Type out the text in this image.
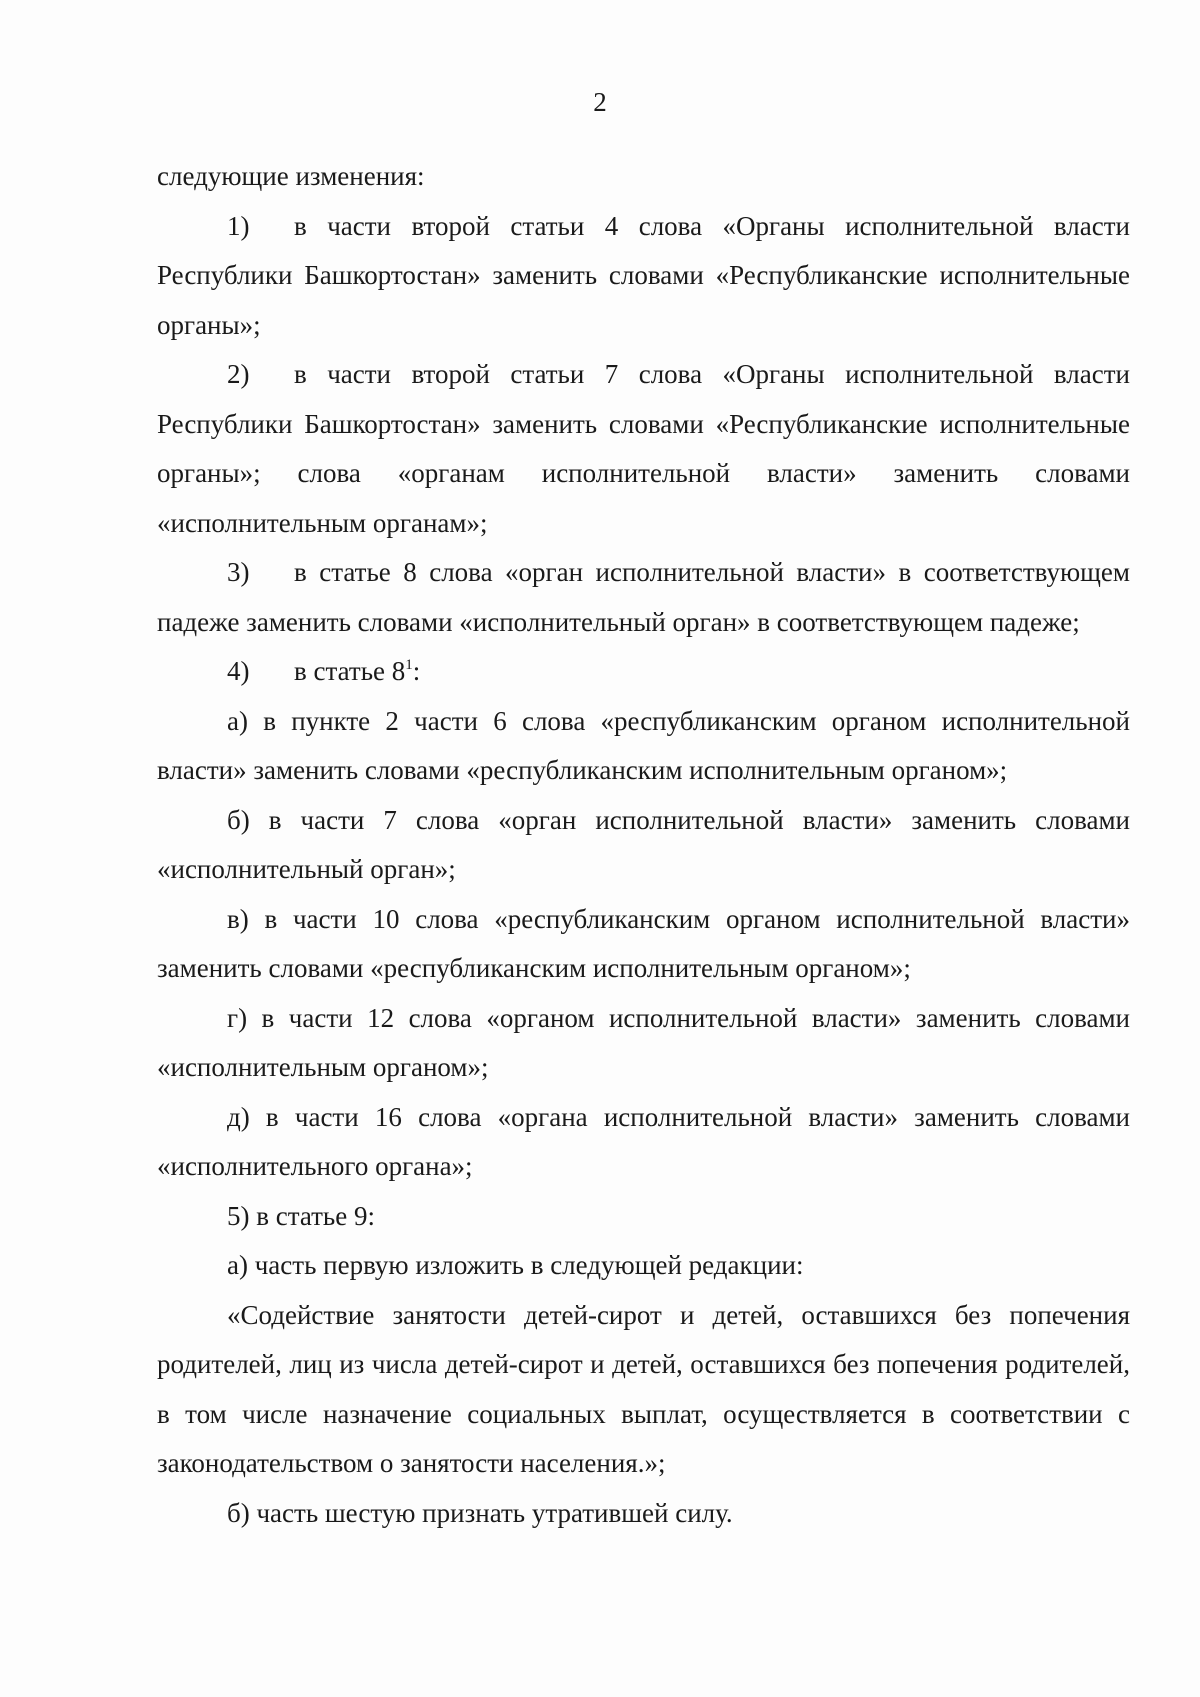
2

следующие изменения:

1) в части второй статьи 4 слова «Органы исполнительной власти Республики Башкортостан» заменить словами «Республиканские исполнительные органы»;

2) в части второй статьи 7 слова «Органы исполнительной власти Республики Башкортостан» заменить словами «Республиканские исполнительные органы»; слова «органам исполнительной власти» заменить словами «исполнительным органам»;

3) в статье 8 слова «орган исполнительной власти» в соответствующем падеже заменить словами «исполнительный орган» в соответствующем падеже;

4) в статье $8^1$:

а) в пункте 2 части 6 слова «республиканским органом исполнительной власти» заменить словами «республиканским исполнительным органом»;

б) в части 7 слова «орган исполнительной власти» заменить словами «исполнительный орган»;

в) в части 10 слова «республиканским органом исполнительной власти» заменить словами «республиканским исполнительным органом»;

г) в части 12 слова «органом исполнительной власти» заменить словами «исполнительным органом»;

д) в части 16 слова «органа исполнительной власти» заменить словами «исполнительного органа»;

5) в статье 9:

а) часть первую изложить в следующей редакции:

«Содействие занятости детей-сирот и детей, оставшихся без попечения родителей, лиц из числа детей-сирот и детей, оставшихся без попечения родителей, в том числе назначение социальных выплат, осуществляется в соответствии с законодательством о занятости населения.»;

б) часть шестую признать утратившей силу.
